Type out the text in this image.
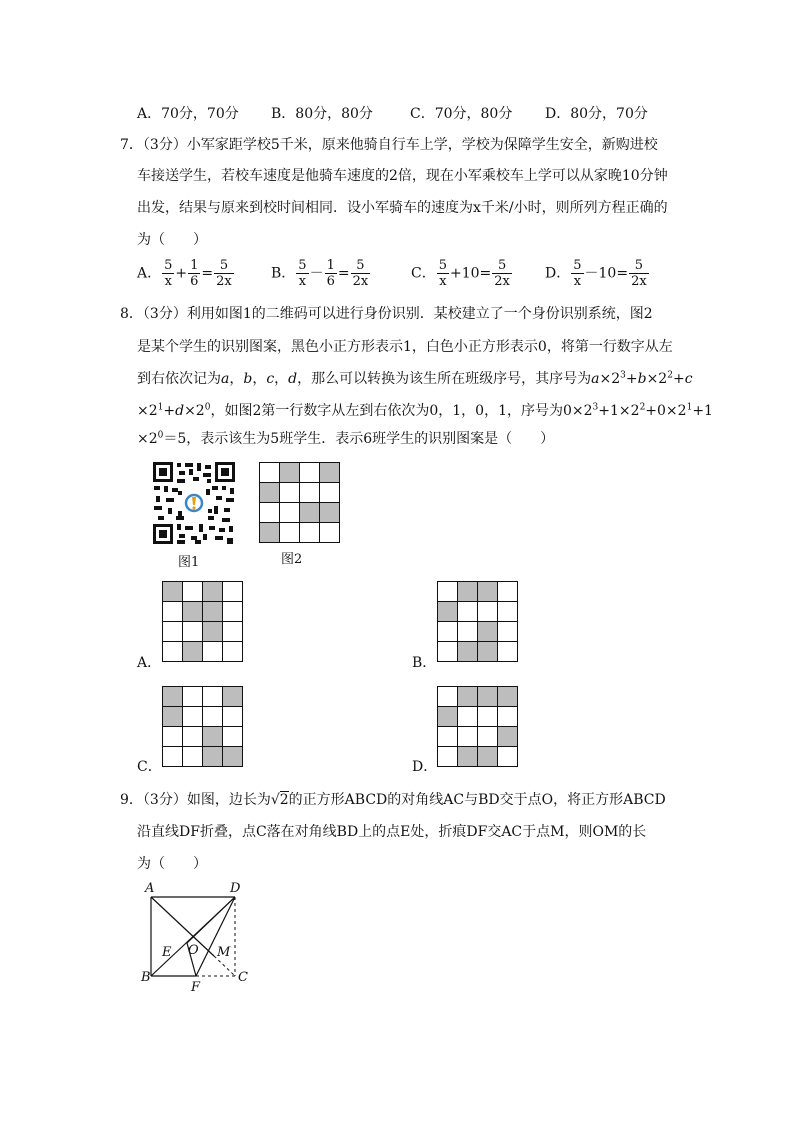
A．70分，70分 B．80分，80分	C．70分，80分 D．80分，70分
7．（3分）小军家距学校5千米，原来他骑自行车上学，学校为保障学生安全，新购进校
车接送学生，若校车速度是他骑车速度的2倍，现在小军乘校车上学可以从家晚10分钟
出发，结果与原来到校时间相同．设小军骑车的速度为x千米/小时，则所列方程正确的
为（　　）
A． $\frac{5}{x} + \frac{1}{6} = \frac{5}{2x}$	B． $\frac{5}{x} - \frac{1}{6} = \frac{5}{2x}$	C． $\frac{5}{x} +10= \frac{5}{2x}$ D． $\frac{5}{x} -10= \frac{5}{2x}$
8．（3分）利用如图1的二维码可以进行身份识别．某校建立了一个身份识别系统，图2
是某个学生的识别图案，黑色小正方形表示1，白色小正方形表示0，将第一行数字从左
到右依次记为a，b，c，d，那么可以转换为该生所在班级序号，其序号为$a\times 2^3+b\times 2^2+c$
$\times 2^1+d\times 2^0$，如图2第一行数字从左到右依次为0，1，0，1，序号为$0\times 2^3+1\times 2^2+0\times 2^1+1$
$\times 2^0=5$，表示该生为5班学生．表示6班学生的识别图案是（　　）
图1

				图2

A．

				B．

C．

				D．
9．（3分）如图，边长为√2的正方形ABCD的对角线AC与BD交于点O，将正方形ABCD
沿直线DF折叠，点C落在对角线BD上的点E处，折痕DF交AC于点M，则OM的长
为（　　）
A	D
E O M
B
F
C
